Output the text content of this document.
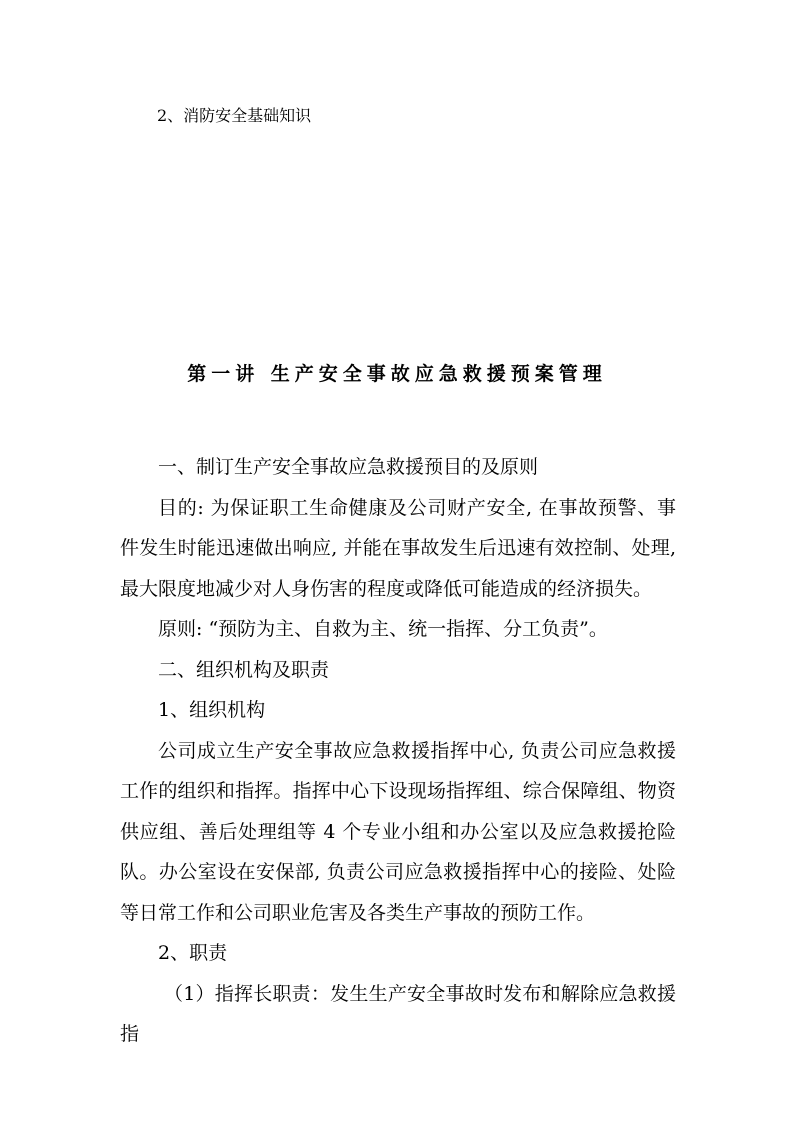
2、消防安全基础知识
第一讲 生产安全事故应急救援预案管理

一、制订生产安全事故应急救援预目的及原则

目的: 为保证职工生命健康及公司财产安全, 在事故预警、事件发生时能迅速做出响应, 并能在事故发生后迅速有效控制、处理, 最大限度地减少对人身伤害的程度或降低可能造成的经济损失。

原则: “预防为主、自救为主、统一指挥、分工负责”。

二、组织机构及职责

1、组织机构

公司成立生产安全事故应急救援指挥中心, 负责公司应急救援工作的组织和指挥。指挥中心下设现场指挥组、综合保障组、物资供应组、善后处理组等 4 个专业小组和办公室以及应急救援抢险队。办公室设在安保部, 负责公司应急救援指挥中心的接险、处险等日常工作和公司职业危害及各类生产事故的预防工作。

2、职责

（1）指挥长职责：发生生产安全事故时发布和解除应急救援指
